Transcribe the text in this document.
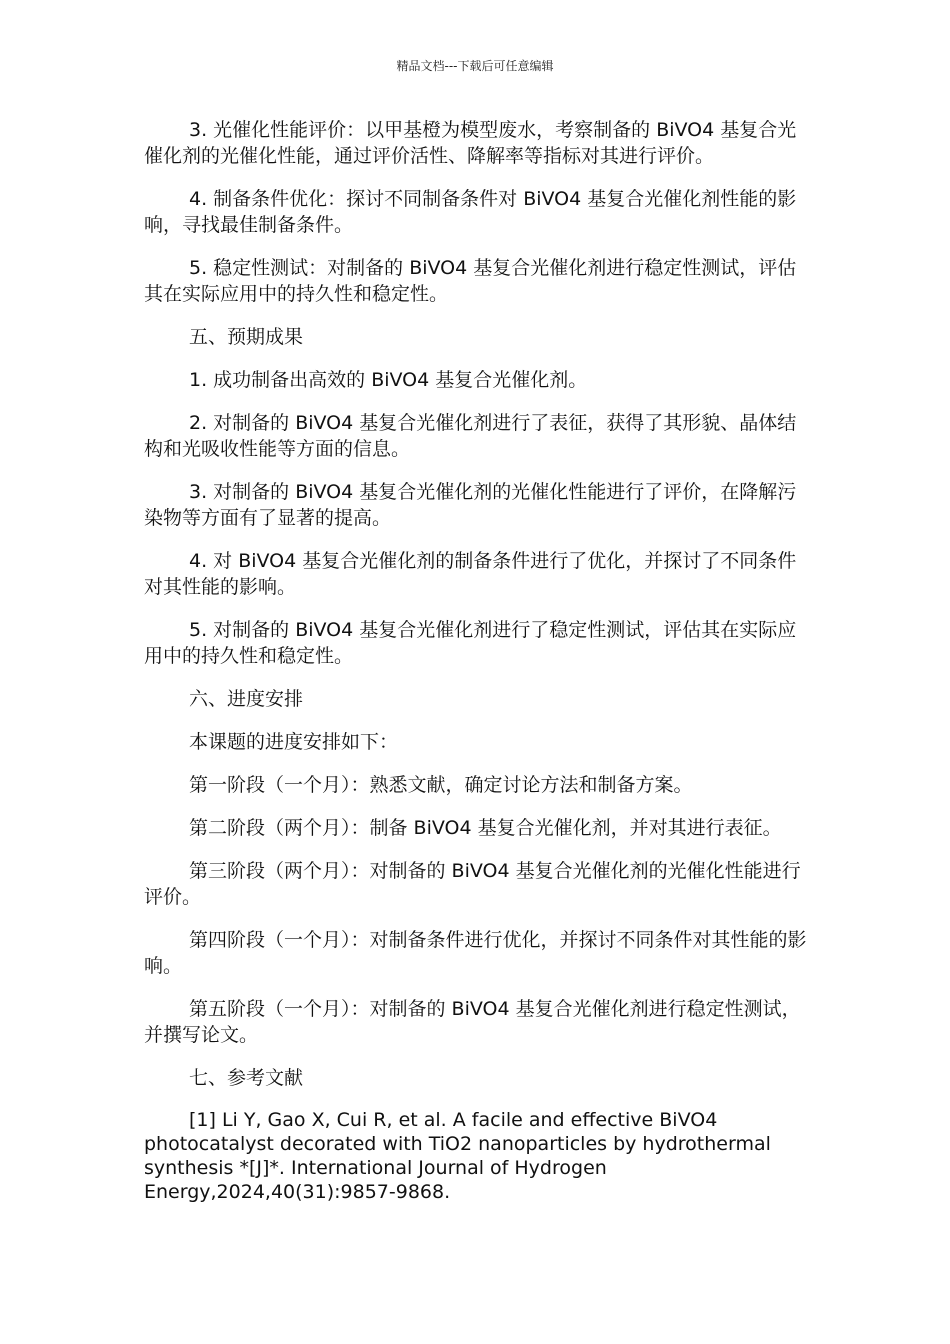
精品文档---下载后可任意编辑

3. 光催化性能评价：以甲基橙为模型废水，考察制备的 BiVO4 基复合光催化剂的光催化性能，通过评价活性、降解率等指标对其进行评价。

4. 制备条件优化：探讨不同制备条件对 BiVO4 基复合光催化剂性能的影响，寻找最佳制备条件。

5. 稳定性测试：对制备的 BiVO4 基复合光催化剂进行稳定性测试，评估其在实际应用中的持久性和稳定性。

五、预期成果

1. 成功制备出高效的 BiVO4 基复合光催化剂。

2. 对制备的 BiVO4 基复合光催化剂进行了表征，获得了其形貌、晶体结构和光吸收性能等方面的信息。

3. 对制备的 BiVO4 基复合光催化剂的光催化性能进行了评价，在降解污染物等方面有了显著的提高。

4. 对 BiVO4 基复合光催化剂的制备条件进行了优化，并探讨了不同条件对其性能的影响。

5. 对制备的 BiVO4 基复合光催化剂进行了稳定性测试，评估其在实际应用中的持久性和稳定性。

六、进度安排

本课题的进度安排如下：

第一阶段（一个月）：熟悉文献，确定讨论方法和制备方案。

第二阶段（两个月）：制备 BiVO4 基复合光催化剂，并对其进行表征。

第三阶段（两个月）：对制备的 BiVO4 基复合光催化剂的光催化性能进行评价。

第四阶段（一个月）：对制备条件进行优化，并探讨不同条件对其性能的影响。

第五阶段（一个月）：对制备的 BiVO4 基复合光催化剂进行稳定性测试，并撰写论文。

七、参考文献

[1] Li Y, Gao X, Cui R, et al. A facile and effective BiVO4 photocatalyst decorated with TiO2 nanoparticles by hydrothermal synthesis *[J]*. International Journal of Hydrogen Energy,2024,40(31):9857-9868.
